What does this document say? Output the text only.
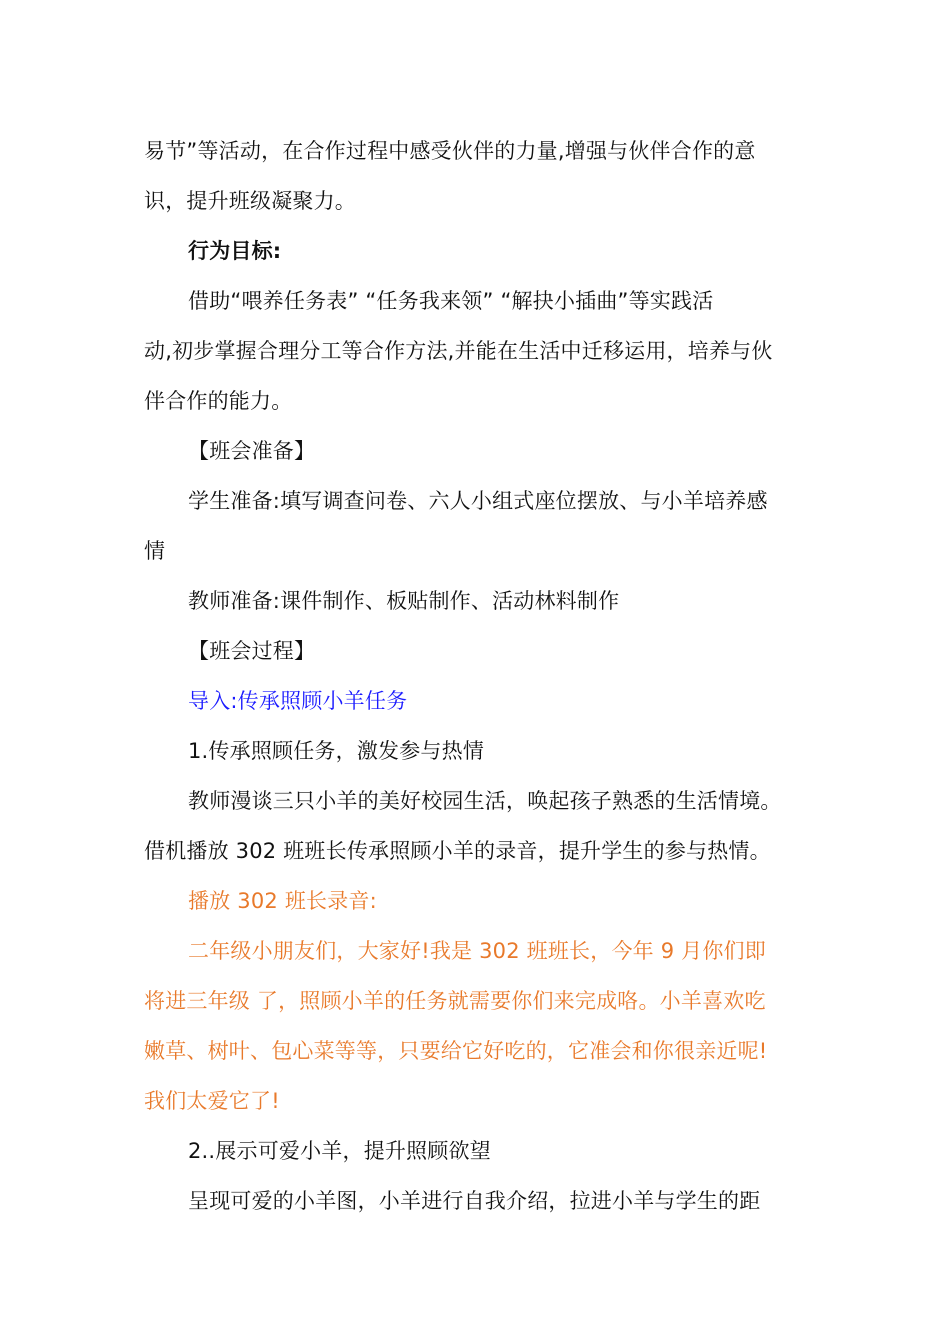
易节”等活动，在合作过程中感受伙伴的力量,增强与伙伴合作的意
识，提升班级凝聚力。
行为目标:
借助“喂养任务表” “任务我来领” “解抉小插曲”等实践活
动,初步掌握合理分工等合作方法,并能在生活中迁移运用，培养与伙
伴合作的能力。
【班会准备】
学生准备:填写调查问卷、六人小组式座位摆放、与小羊培养感
情
教师准备:课件制作、板贴制作、活动林料制作
【班会过程】
导入:传承照顾小羊任务
1.传承照顾任务，激发参与热情
教师漫谈三只小羊的美好校园生活，唤起孩子熟悉的生活情境。
借机播放 302 班班长传承照顾小羊的录音，提升学生的参与热情。
播放 302 班长录音:
二年级小朋友们，大家好!我是 302 班班长，今年 9 月你们即
将进三年级 了，照顾小羊的任务就需要你们来完成咯。小羊喜欢吃
嫩草、树叶、包心菜等等，只要给它好吃的，它准会和你很亲近呢!
我们太爱它了!
2..展示可爱小羊，提升照顾欲望
呈现可爱的小羊图，小羊进行自我介绍，拉进小羊与学生的距
